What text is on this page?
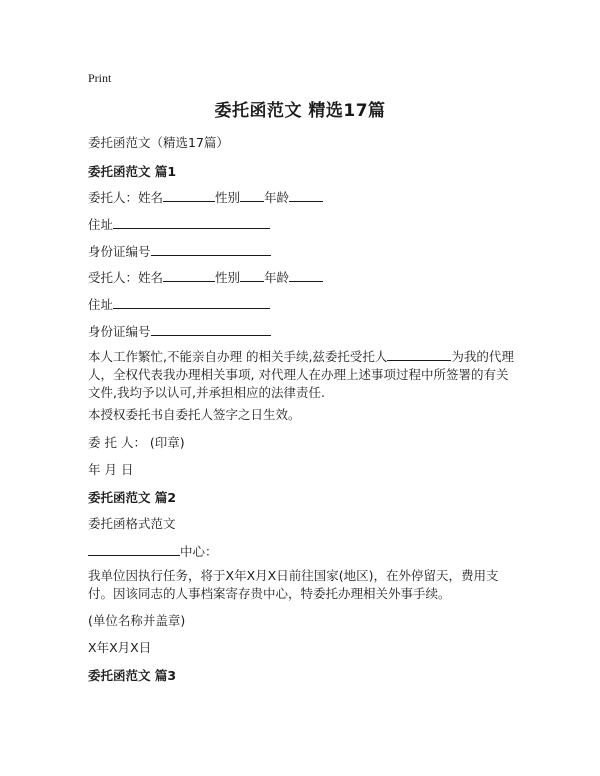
Print
委托函范文 精选17篇
委托函范文（精选17篇）
委托函范文 篇1
委托人：姓名	性别 年龄
住址
身份证编号
受托人：姓名	性别 年龄
住址
身份证编号
本人工作繁忙,不能亲自办理 的相关手续,兹委托受托人	为我的代理人，全权代表我办理相关事项, 对代理人在办理上述事项过程中所签署的有关文件,我均予以认可,并承担相应的法律责任.
本授权委托书自委托人签字之日生效。
委 托 人： (印章)
年 月 日
委托函范文 篇2
委托函格式范文
中心：
我单位因执行任务，将于X年X月X日前往国家(地区)，在外停留天，费用支付。因该同志的人事档案寄存贵中心，特委托办理相关外事手续。
(单位名称并盖章)
X年X月X日
委托函范文 篇3
